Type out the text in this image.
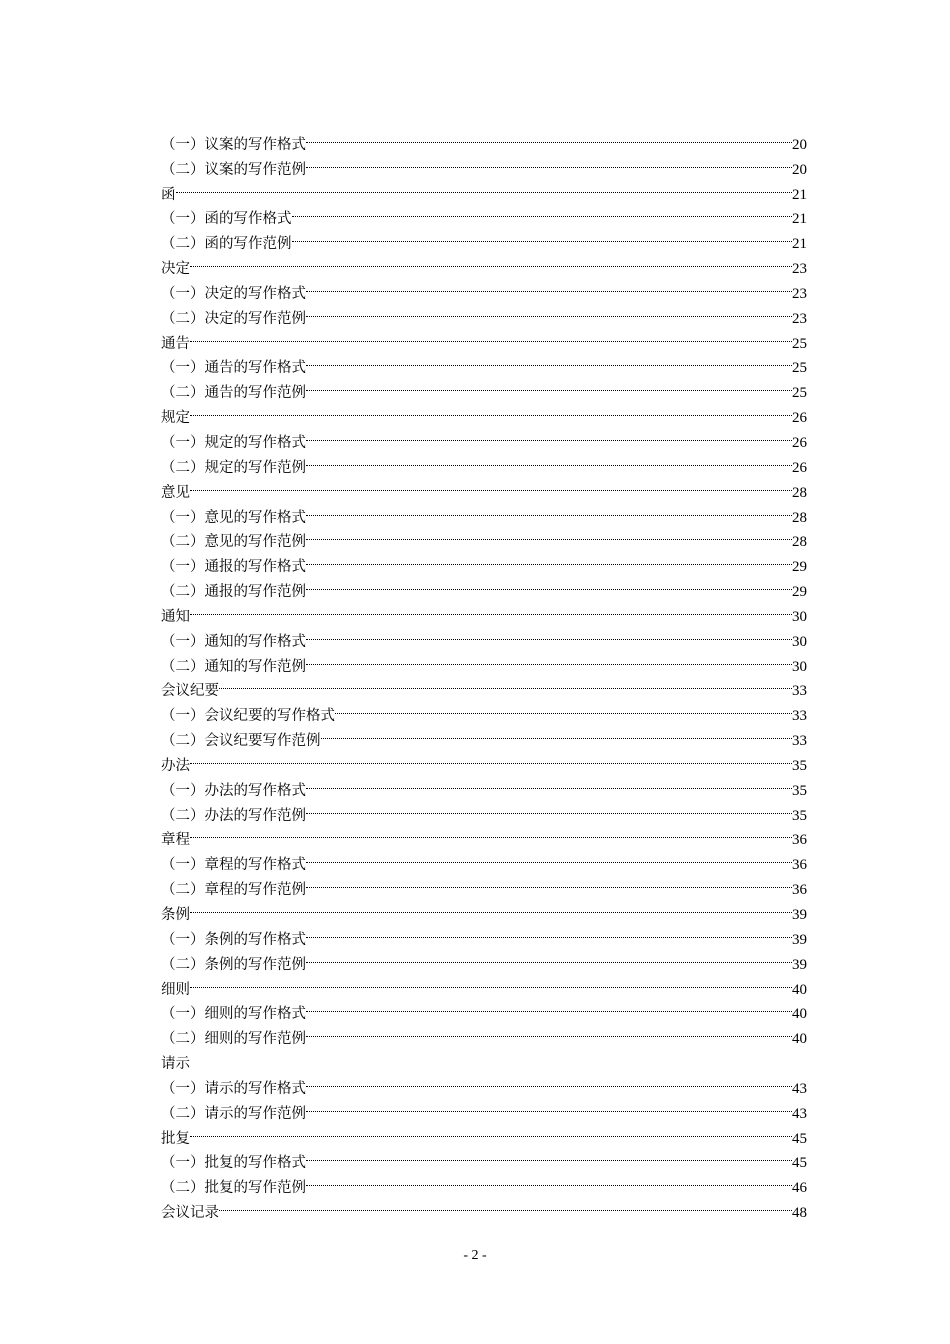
（一）议案的写作格式	20
（二）议案的写作范例	20
函	21
（一）函的写作格式	21
（二）函的写作范例	21
决定	23
（一）决定的写作格式	23
（二）决定的写作范例	23
通告	25
（一）通告的写作格式	25
（二）通告的写作范例	25
规定	26
（一）规定的写作格式	26
（二）规定的写作范例	26
意见	28
（一）意见的写作格式	28
（二）意见的写作范例	28
（一）通报的写作格式	29
（二）通报的写作范例	29
通知	30
（一）通知的写作格式	30
（二）通知的写作范例	30
会议纪要	33
（一）会议纪要的写作格式	33
（二）会议纪要写作范例	33
办法	35
（一）办法的写作格式	35
（二）办法的写作范例	35
章程	36
（一）章程的写作格式	36
（二）章程的写作范例	36
条例	39
（一）条例的写作格式	39
（二）条例的写作范例	39
细则	40
（一）细则的写作格式	40
（二）细则的写作范例	40
请示
（一）请示的写作格式	43
（二）请示的写作范例	43
批复	45
（一）批复的写作格式	45
（二）批复的写作范例	46
会议记录	48
- 2 -
